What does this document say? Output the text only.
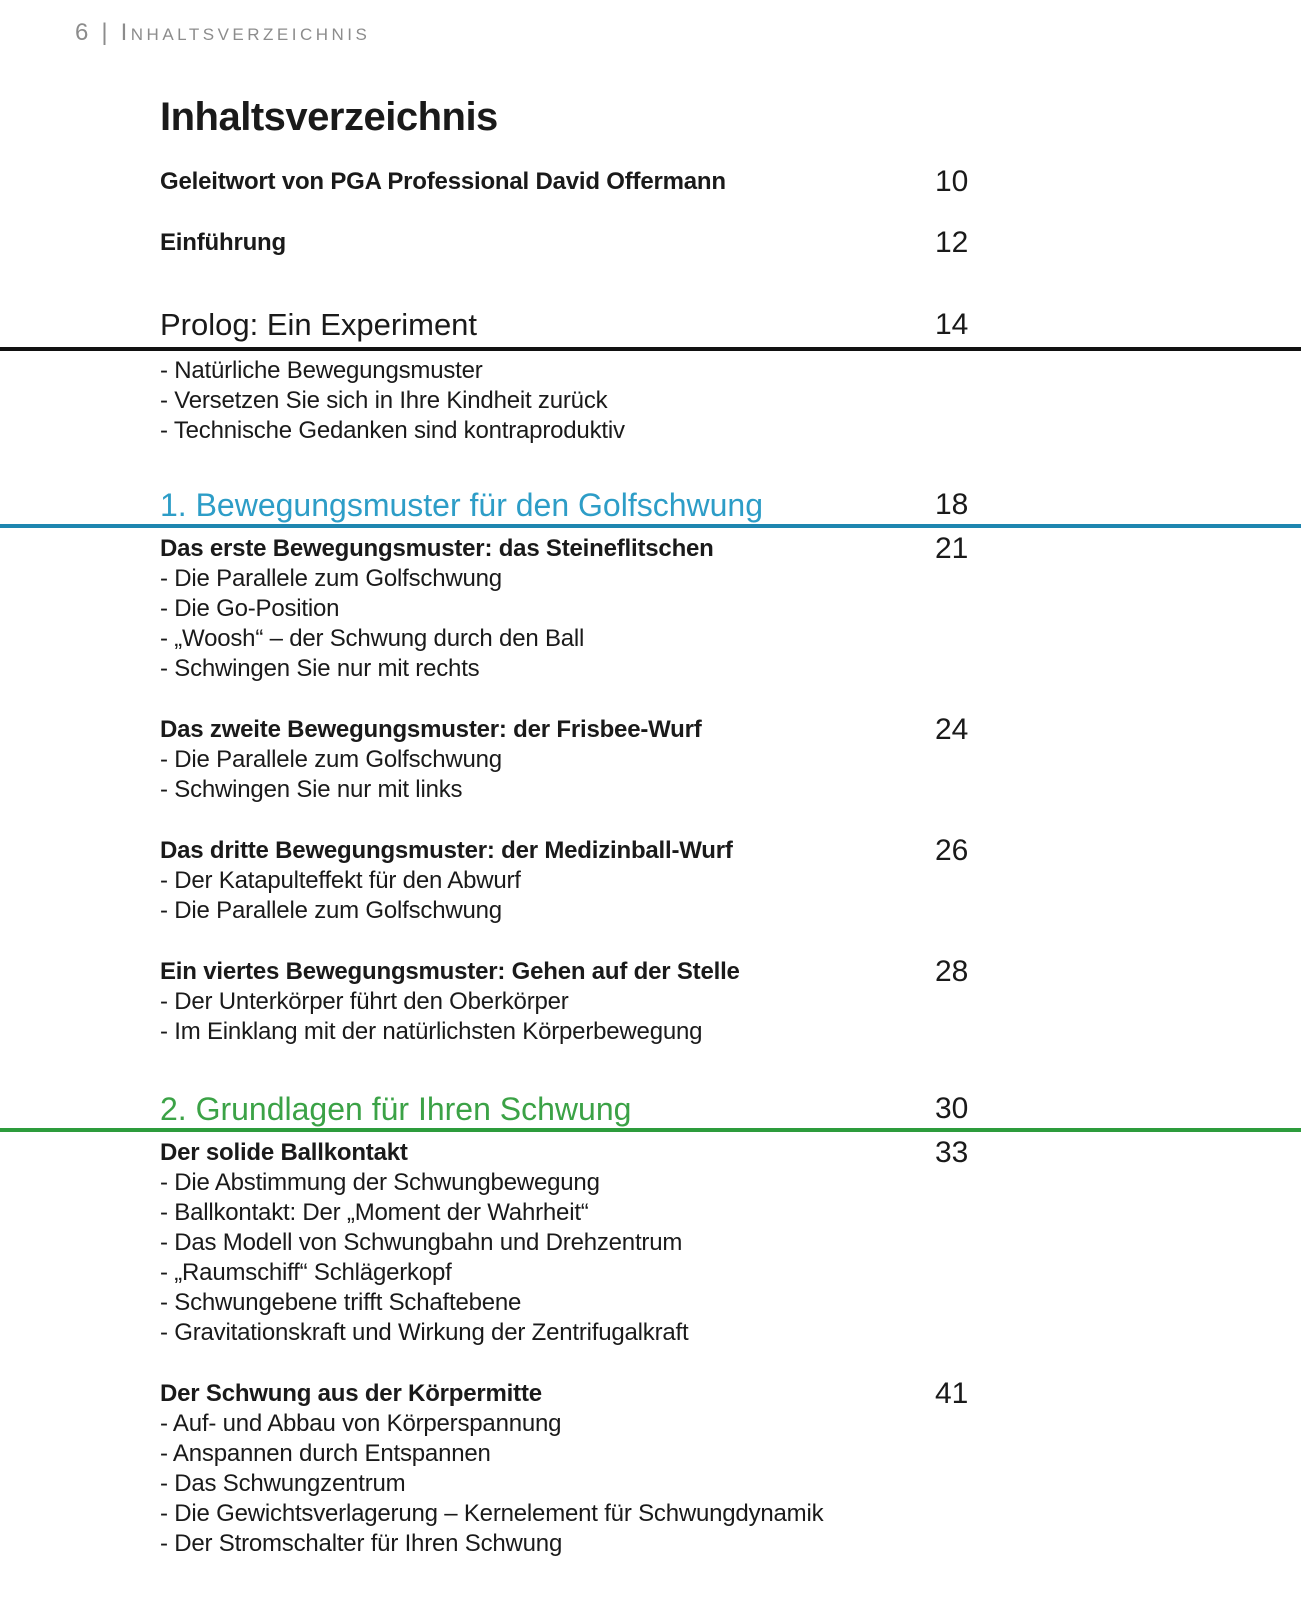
6 | Inhaltsverzeichnis
Inhaltsverzeichnis
Geleitwort von PGA Professional David Offermann	10
Einführung	12
Prolog: Ein Experiment	14
- Natürliche Bewegungsmuster
- Versetzen Sie sich in Ihre Kindheit zurück
- Technische Gedanken sind kontraproduktiv
1. Bewegungsmuster für den Golfschwung	18
Das erste Bewegungsmuster: das Steineflitschen	21
- Die Parallele zum Golfschwung
- Die Go-Position
- „Woosh“ – der Schwung durch den Ball
- Schwingen Sie nur mit rechts
Das zweite Bewegungsmuster: der Frisbee-Wurf	24
- Die Parallele zum Golfschwung
- Schwingen Sie nur mit links
Das dritte Bewegungsmuster: der Medizinball-Wurf	26
- Der Katapulteffekt für den Abwurf
- Die Parallele zum Golfschwung
Ein viertes Bewegungsmuster: Gehen auf der Stelle	28
- Der Unterkörper führt den Oberkörper
- Im Einklang mit der natürlichsten Körperbewegung
2. Grundlagen für Ihren Schwung	30
Der solide Ballkontakt	33
- Die Abstimmung der Schwungbewegung
- Ballkontakt: Der „Moment der Wahrheit“
- Das Modell von Schwungbahn und Drehzentrum
- „Raumschiff“ Schlägerkopf
- Schwungebene trifft Schaftebene
- Gravitationskraft und Wirkung der Zentrifugalkraft
Der Schwung aus der Körpermitte	41
- Auf- und Abbau von Körperspannung
- Anspannen durch Entspannen
- Das Schwungzentrum
- Die Gewichtsverlagerung – Kernelement für Schwungdynamik
- Der Stromschalter für Ihren Schwung
